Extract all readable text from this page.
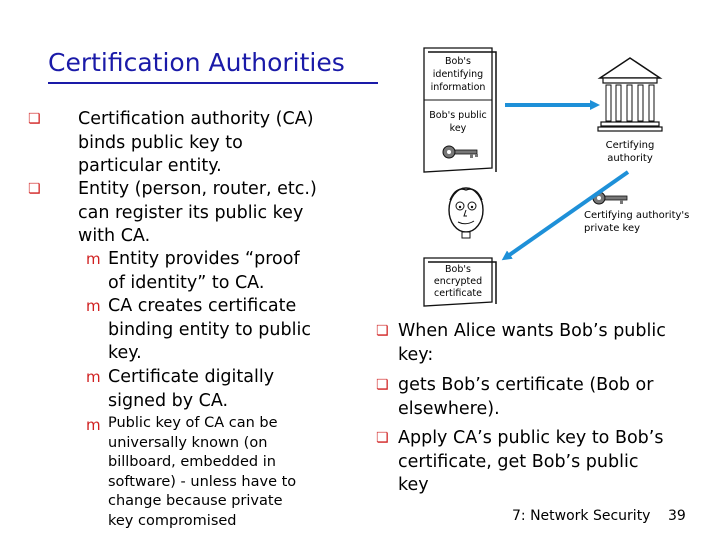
Certification Authorities
❏ Certification authority (CA)
binds public key to
particular entity.
❏ Entity (person, router, etc.)
can register its public key
with CA.
m Entity provides “proof
of identity” to CA.
m CA creates certificate
binding entity to public
key.
m Certificate digitally
signed by CA.
m Public key of CA can be
universally known (on
billboard, embedded in
software) - unless have to
change because private
key compromised
❏ When Alice wants Bob’s public
key:
❏ gets Bob’s certificate (Bob or
elsewhere).
❏ Apply CA’s public key to Bob’s
certificate, get Bob’s public
key
Bob's
identifying
information
Bob's public
key
Certifying
authority
Certifying authority's
private key
Bob's
encrypted
certificate
7: Network Security 39
